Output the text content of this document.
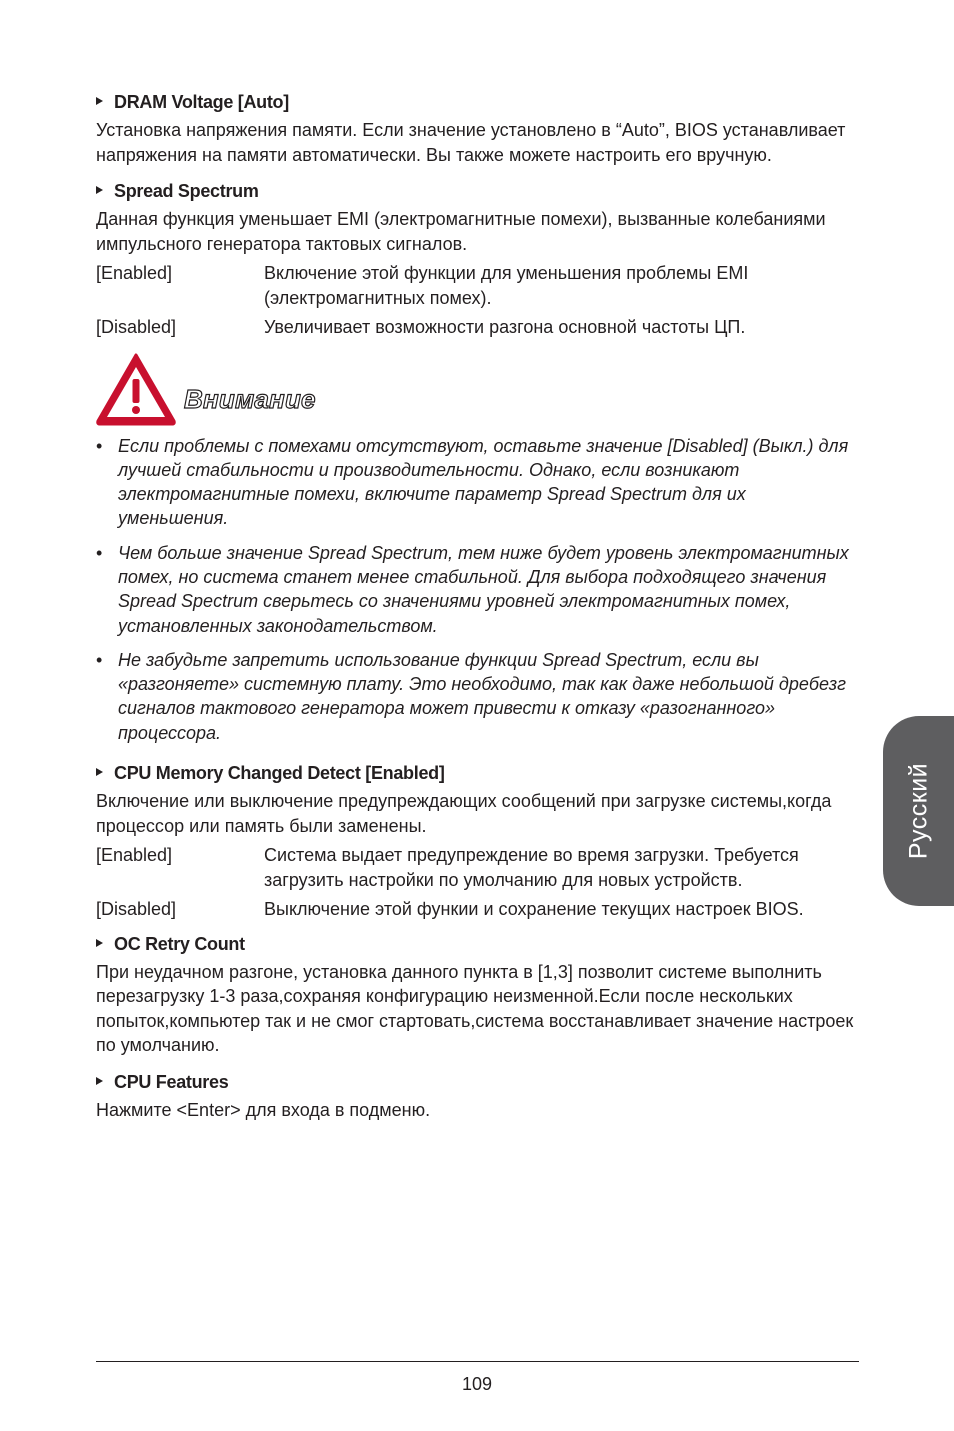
DRAM Voltage [Auto]

Установка напряжения памяти. Если значение установлено в “Auto”, BIOS устанавливает напряжения на памяти автоматически. Вы также можете настроить его вручную.

Spread Spectrum

Данная функция уменьшает EMI (электромагнитные помехи), вызванные колебаниями импульсного генератора тактовых сигналов.

[Enabled]	Включение этой функции для уменьшения проблемы EMI (электромагнитных помех).
[Disabled]	Увеличивает возможности разгона основной частоты ЦП.
Внимание
• Если проблемы с помехами отсутствуют, оставьте значение [Disabled] (Выкл.) для лучшей стабильности и производительности. Однако, если возникают электромагнитные помехи, включите параметр Spread Spectrum для их уменьшения.
• Чем больше значение Spread Spectrum, тем ниже будет уровень электромагнитных помех, но система станет менее стабильной. Для выбора подходящего значения Spread Spectrum сверьтесь со значениями уровней электромагнитных помех, установленных законодательством.
• Не забудьте запретить использование функции Spread Spectrum, если вы «разгоняете» системную плату. Это необходимо, так как даже небольшой дребезг сигналов тактового генератора может привести к отказу «разогнанного» процессора.
CPU Memory Changed Detect [Enabled]

Включение или выключение предупреждающих сообщений при загрузке системы,когда процессор или память были заменены.

[Enabled]	Система выдает предупреждение во время загрузки. Требуется загрузить настройки по умолчанию для новых устройств.
[Disabled]	Выключение этой функии и сохранение текущих настроек BIOS.
OC Retry Count

При неудачном разгоне, установка данного пункта в [1,3] позволит системе выполнить перезагрузку 1-3 раза,сохраняя конфигурацию неизменной.Если после нескольких попыток,компьютер так и не смог стартовать,система восстанавливает значение настроек по умолчанию.

CPU Features

Нажмите <Enter> для входа в подменю.

Русский
109
